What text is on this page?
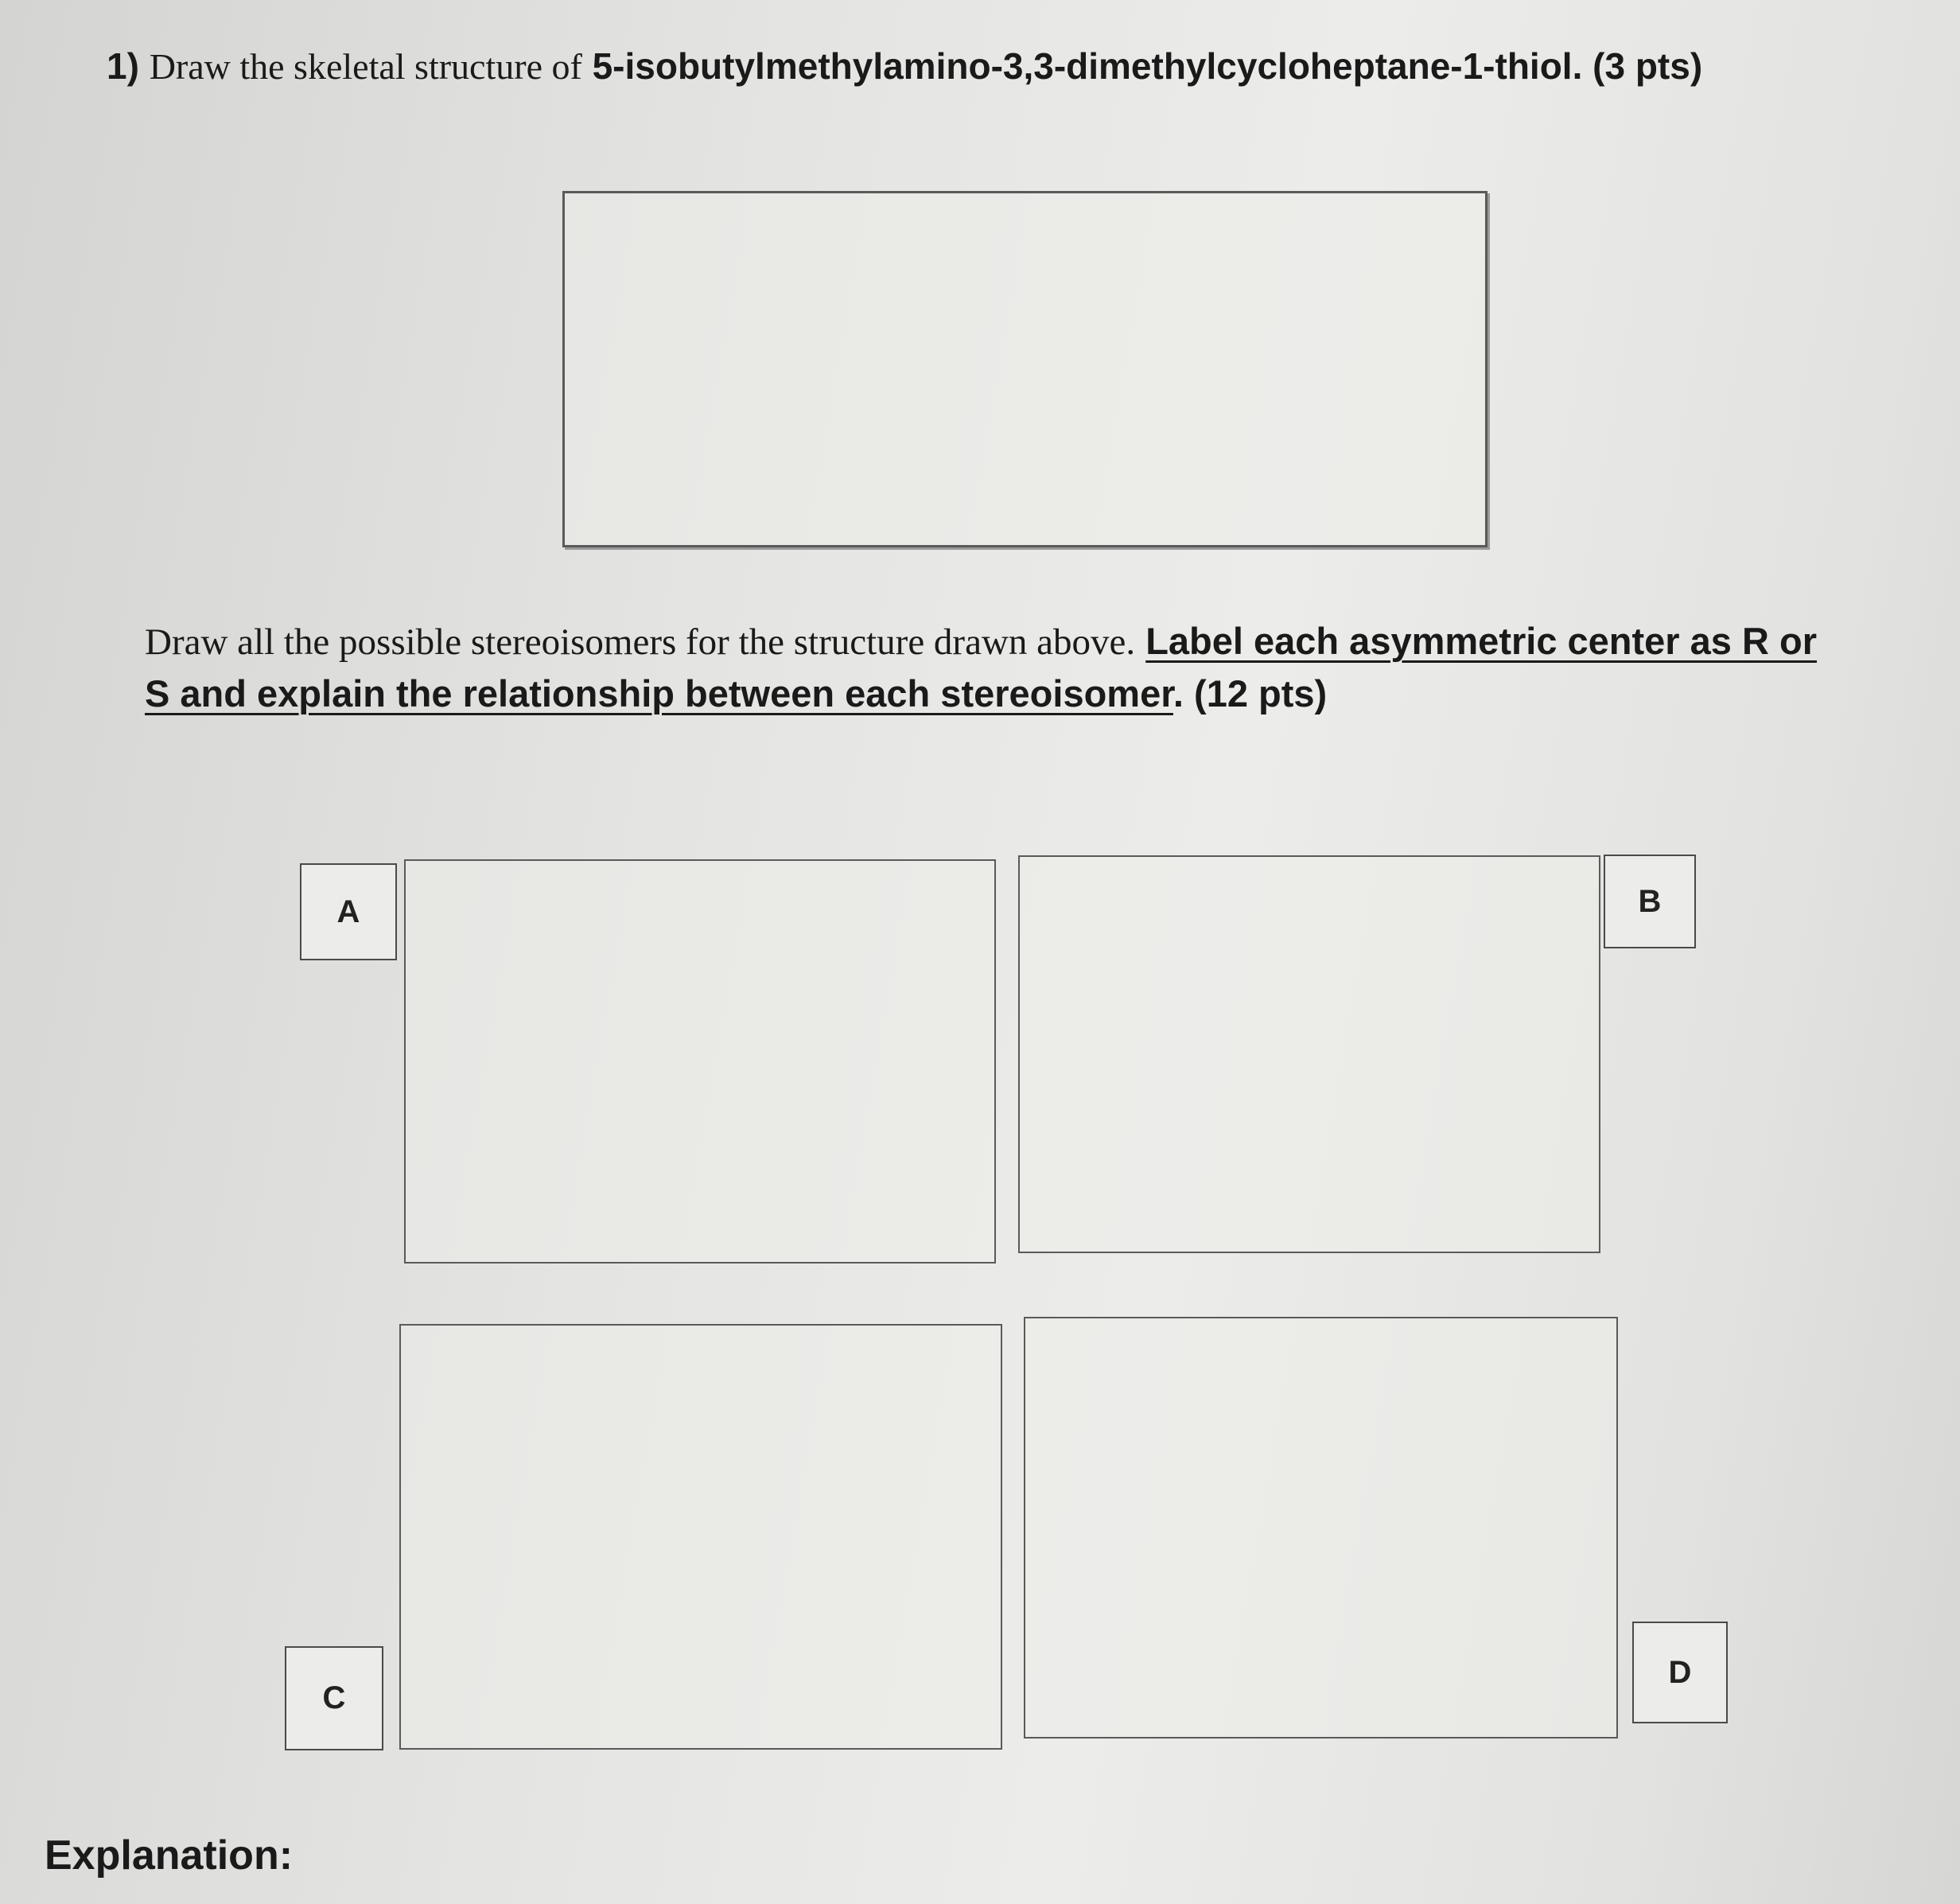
1) Draw the skeletal structure of 5-isobutylmethylamino-3,3-dimethylcycloheptane-1-thiol. (3 pts)
Draw all the possible stereoisomers for the structure drawn above. Label each asymmetric center as R or
S and explain the relationship between each stereoisomer. (12 pts)
A	B
C
D
Explanation:
